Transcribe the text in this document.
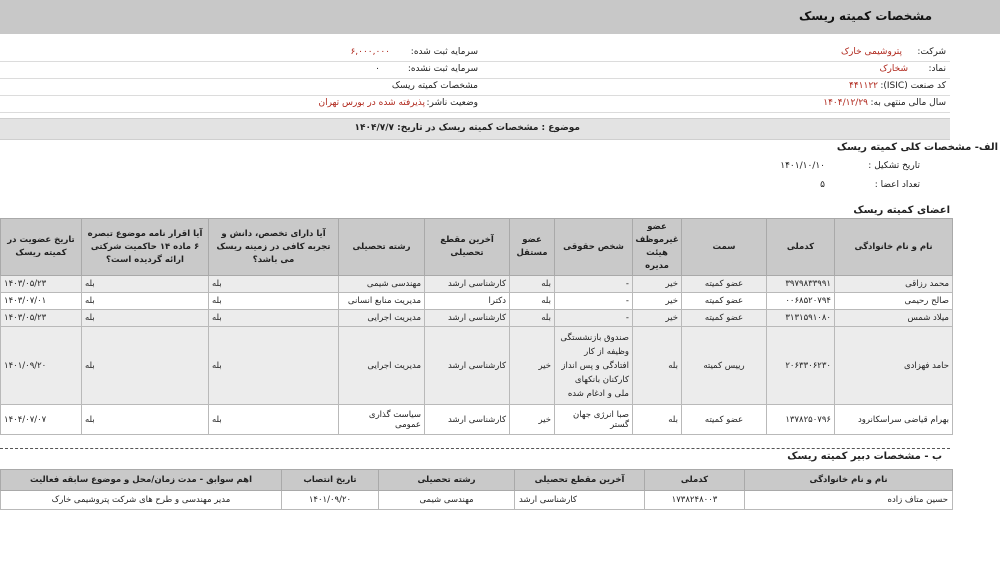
مشخصات کمیته ریسک
شرکت:
پتروشیمی خارک
سرمایه ثبت شده:
۶,۰۰۰,۰۰۰
نماد:
شخارک
سرمایه ثبت نشده:
۰
کد صنعت (ISIC):
۴۴۱۱۲۲
مشخصات کمیته ریسک
سال مالی منتهی به:
۱۴۰۴/۱۲/۲۹
وضعیت ناشر:
پذیرفته شده در بورس تهران
موضوع : مشخصات کمیته ریسک در تاریخ: ۱۴۰۴/۷/۷
الف- مشخصات کلی کمیته ریسک
تاریخ تشکیل :
۱۴۰۱/۱۰/۱۰
تعداد اعضا :
۵
اعضای کمیته ریسک
نام و نام خانوادگی	کدملی	سمت	عضو غیرموظف هیئت مدیره	شخص حقوقی	عضو مستقل	آخرین مقطع تحصیلی	رشته تحصیلی	آیا دارای تخصص، دانش و تجربه کافی در زمینه ریسک می باشد؟	آیا اقرار نامه موضوع تبصره ۶ ماده ۱۴ حاکمیت شرکتی ارائه گردیده است؟	تاریخ عضویت در کمیته ریسک
محمد رزاقی	۳۹۷۹۸۳۳۹۹۱	عضو کمیته	خیر	-	بله	کارشناسی ارشد	مهندسی شیمی	بله	بله	۱۴۰۳/۰۵/۲۳
صالح رحیمی	۰۰۶۸۵۲۰۷۹۴	عضو کمیته	خیر	-	بله	دکترا	مدیریت منابع انسانی	بله	بله	۱۴۰۳/۰۷/۰۱
میلاد شمس	۳۱۳۱۵۹۱۰۸۰	عضو کمیته	خیر	-	بله	کارشناسی ارشد	مدیریت اجرایی	بله	بله	۱۴۰۳/۰۵/۲۳
حامد فهزادی	۲۰۶۳۳۰۶۲۳۰	رییس کمیته	بله	صندوق بازنشستگی وظیفه از کار افتادگی و پس انداز کارکنان بانکهای ملی و ادغام شده	خیر	کارشناسی ارشد	مدیریت اجرایی	بله	بله	۱۴۰۱/۰۹/۲۰
بهرام قیاضی سراسکانرود	۱۳۷۸۲۵۰۷۹۶	عضو کمیته	بله	صبا انرژی جهان گستر	خیر	کارشناسی ارشد	سیاست گذاری عمومی	بله	بله	۱۴۰۴/۰۷/۰۷
ب - مشخصات دبیر کمیته ریسک
نام و نام خانوادگی	کدملی	آخرین مقطع تحصیلی	رشته تحصیلی	تاریخ انتصاب	اهم سوابق - مدت زمان/محل و موضوع سابقه فعالیت
حسین متاف زاده	۱۷۳۸۲۴۸۰۰۳	کارشناسی ارشد	مهندسی شیمی	۱۴۰۱/۰۹/۲۰	مدیر مهندسی و طرح های شرکت پتروشیمی خارک
